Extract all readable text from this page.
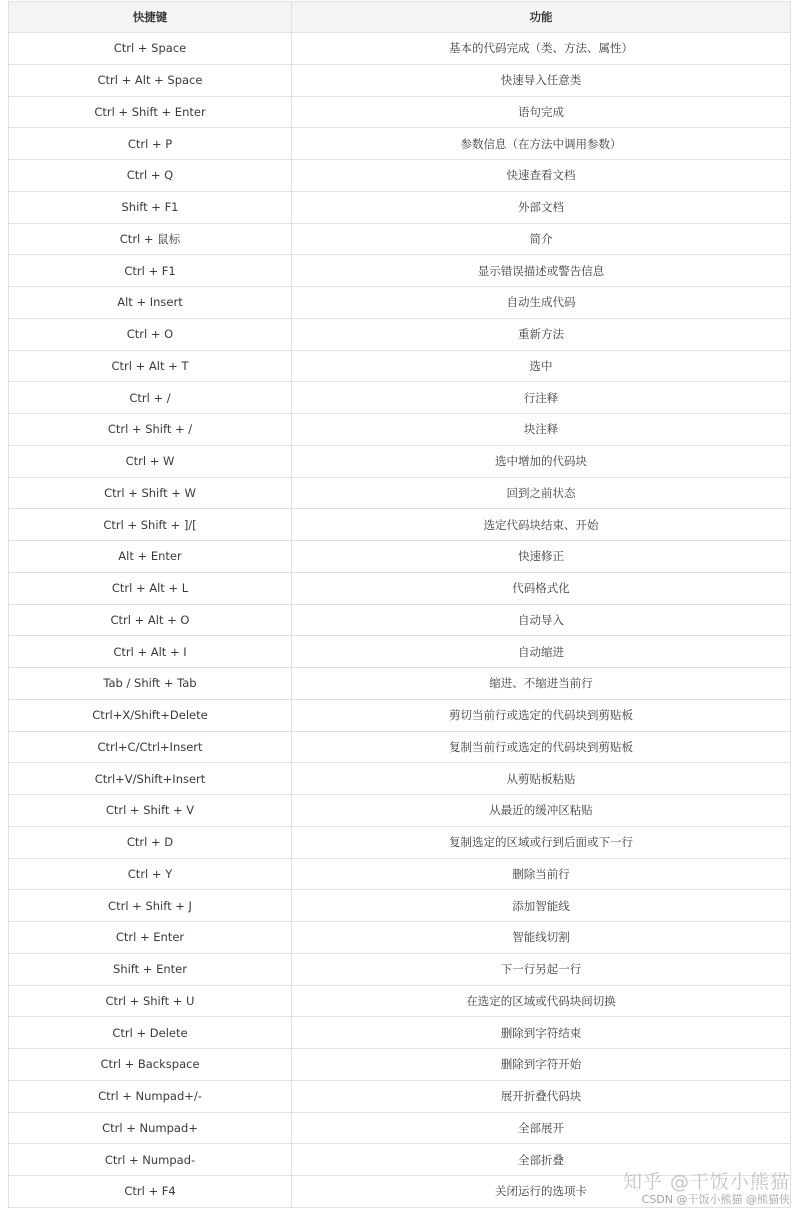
快捷键	功能
Ctrl + Space	基本的代码完成（类、方法、属性）
Ctrl + Alt + Space	快速导入任意类
Ctrl + Shift + Enter	语句完成
Ctrl + P	参数信息（在方法中调用参数）
Ctrl + Q	快速查看文档
Shift + F1	外部文档
Ctrl + 鼠标	简介
Ctrl + F1	显示错误描述或警告信息
Alt + Insert	自动生成代码
Ctrl + O	重新方法
Ctrl + Alt + T	选中
Ctrl + /	行注释
Ctrl + Shift + /	块注释
Ctrl + W	选中增加的代码块
Ctrl + Shift + W	回到之前状态
Ctrl + Shift + ]/[	选定代码块结束、开始
Alt + Enter	快速修正
Ctrl + Alt + L	代码格式化
Ctrl + Alt + O	自动导入
Ctrl + Alt + I	自动缩进
Tab / Shift + Tab	缩进、不缩进当前行
Ctrl+X/Shift+Delete	剪切当前行或选定的代码块到剪贴板
Ctrl+C/Ctrl+Insert	复制当前行或选定的代码块到剪贴板
Ctrl+V/Shift+Insert	从剪贴板粘贴
Ctrl + Shift + V	从最近的缓冲区粘贴
Ctrl + D	复制选定的区域或行到后面或下一行
Ctrl + Y	删除当前行
Ctrl + Shift + J	添加智能线
Ctrl + Enter	智能线切割
Shift + Enter	下一行另起一行
Ctrl + Shift + U	在选定的区域或代码块间切换
Ctrl + Delete	删除到字符结束
Ctrl + Backspace	删除到字符开始
Ctrl + Numpad+/-	展开折叠代码块
Ctrl + Numpad+	全部展开
Ctrl + Numpad-	全部折叠
Ctrl + F4	关闭运行的选项卡 知乎 @干饭小熊猫
CSDN @干饭小熊猫 @熊猫侠
